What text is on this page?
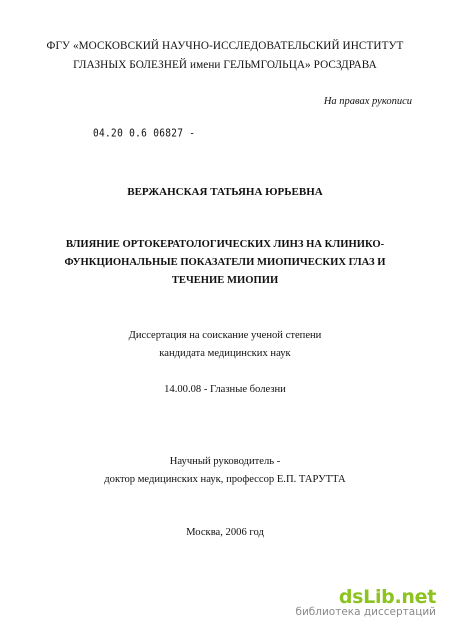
ФГУ «МОСКОВСКИЙ НАУЧНО-ИССЛЕДОВАТЕЛЬСКИЙ ИНСТИТУТ
ГЛАЗНЫХ БОЛЕЗНЕЙ имени ГЕЛЬМГОЛЬЦА» РОСЗДРАВА
На правах рукописи
04.20 0.6 06827 -
ВЕРЖАНСКАЯ ТАТЬЯНА ЮРЬЕВНА
ВЛИЯНИЕ ОРТОКЕРАТОЛОГИЧЕСКИХ ЛИНЗ НА КЛИНИКО-
ФУНКЦИОНАЛЬНЫЕ ПОКАЗАТЕЛИ МИОПИЧЕСКИХ ГЛАЗ И
ТЕЧЕНИЕ МИОПИИ
Диссертация на соискание ученой степени
кандидата медицинских наук
14.00.08 - Глазные болезни
Научный руководитель -
доктор медицинских наук, профессор Е.П. ТАРУТТА
Москва, 2006 год
dsLib.net
библиотека диссертаций
